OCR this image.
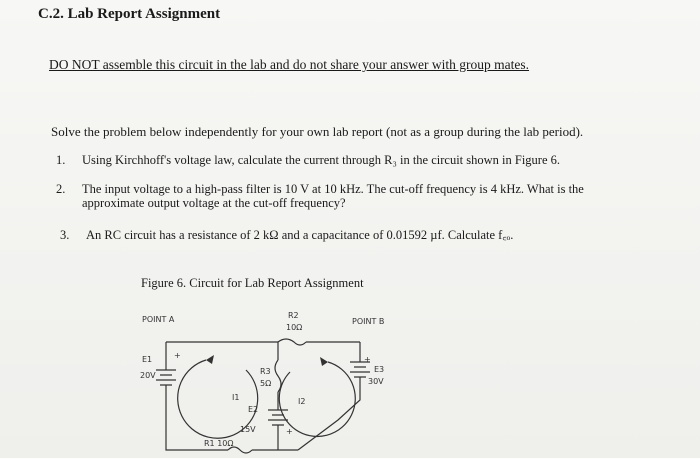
C.2. Lab Report Assignment
DO NOT assemble this circuit in the lab and do not share your answer with group mates.
Solve the problem below independently for your own lab report (not as a group during the lab period).
1. Using Kirchhoff's voltage law, calculate the current through R₃ in the circuit shown in Figure 6.
2. The input voltage to a high-pass filter is 10 V at 10 kHz. The cut-off frequency is 4 kHz. What is the
approximate output voltage at the cut-off frequency?
3. An RC circuit has a resistance of 2 kΩ and a capacitance of 0.01592 µf. Calculate f꜀ₒ.
Figure 6. Circuit for Lab Report Assignment
POINT A	POINT B
R2
10Ω
E1	+
20V
+
E3
30V
R3
5Ω
I1	I2
E2
15V	+
R1 10Ω
